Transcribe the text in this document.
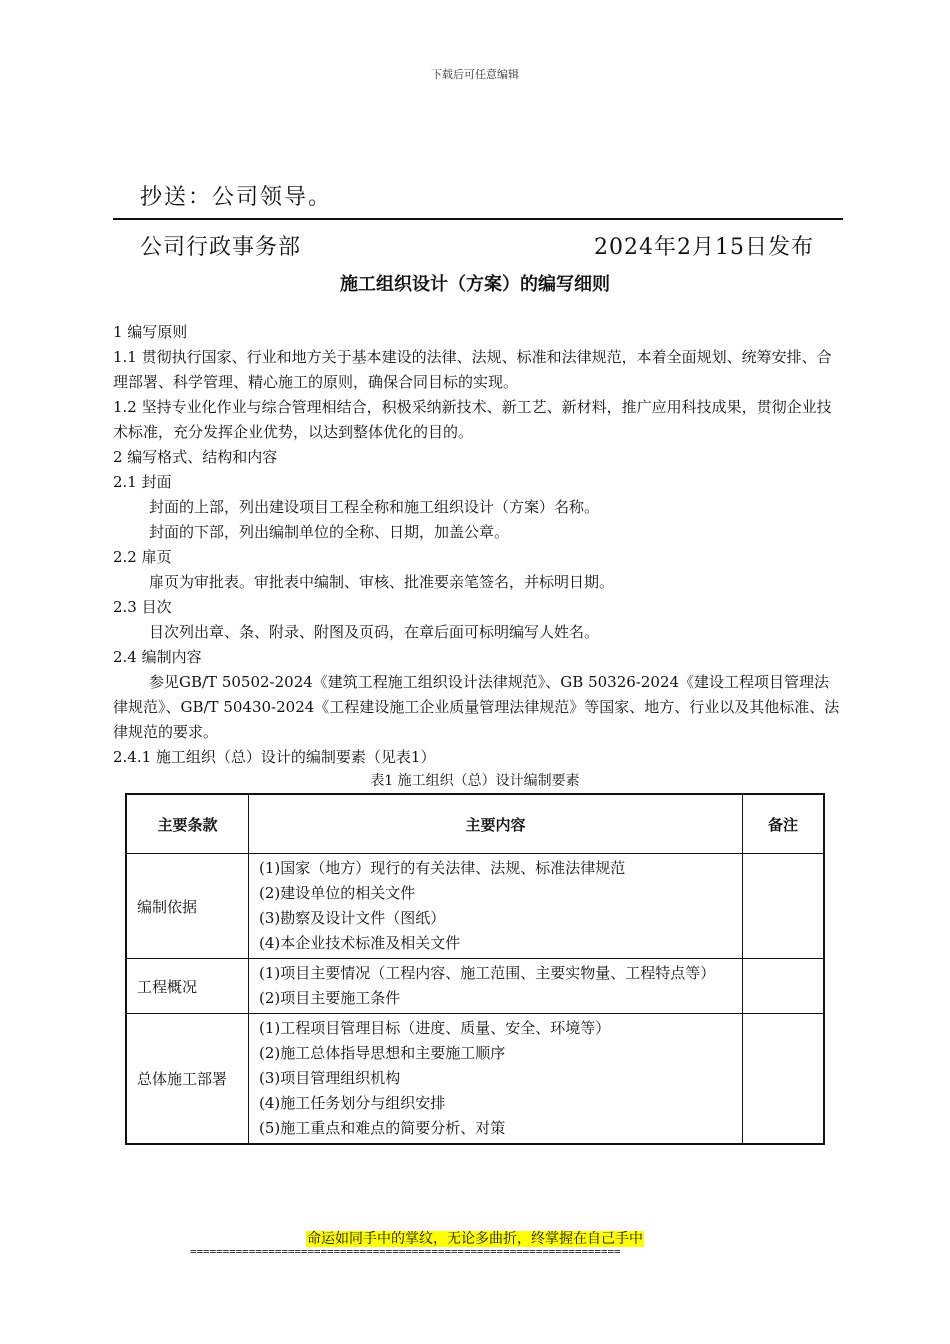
下载后可任意编辑
抄送：公司领导。
公司行政事务部	2024年2月15日发布
施工组织设计（方案）的编写细则

1 编写原则

1.1 贯彻执行国家、行业和地方关于基本建设的法律、法规、标准和法律规范，本着全面规划、统筹安排、合理部署、科学管理、精心施工的原则，确保合同目标的实现。

1.2 坚持专业化作业与综合管理相结合，积极采纳新技术、新工艺、新材料，推广应用科技成果，贯彻企业技术标准，充分发挥企业优势，以达到整体优化的目的。

2 编写格式、结构和内容

2.1 封面

封面的上部，列出建设项目工程全称和施工组织设计（方案）名称。

封面的下部，列出编制单位的全称、日期，加盖公章。

2.2 扉页

扉页为审批表。审批表中编制、审核、批准要亲笔签名，并标明日期。

2.3 目次

目次列出章、条、附录、附图及页码，在章后面可标明编写人姓名。

2.4 编制内容

参见GB/T 50502-2024《建筑工程施工组织设计法律规范》、GB 50326-2024《建设工程项目管理法律规范》、GB/T 50430-2024《工程建设施工企业质量管理法律规范》等国家、地方、行业以及其他标准、法律规范的要求。

2.4.1 施工组织（总）设计的编制要素（见表1）

表1 施工组织（总）设计编制要素
主要条款	主要内容	备注
编制依据	(1)国家（地方）现行的有关法律、法规、标准法律规范
(2)建设单位的相关文件
(3)勘察及设计文件（图纸）
(4)本企业技术标准及相关文件	

工程概况	(1)项目主要情况（工程内容、施工范围、主要实物量、工程特点等）
(2)项目主要施工条件	

总体施工部署	(1)工程项目管理目标（进度、质量、安全、环境等）
(2)施工总体指导思想和主要施工顺序
(3)项目管理组织机构
(4)施工任务划分与组织安排
(5)施工重点和难点的简要分析、对策	

命运如同手中的掌纹，无论多曲折，终掌握在自己手中
==================================================================
